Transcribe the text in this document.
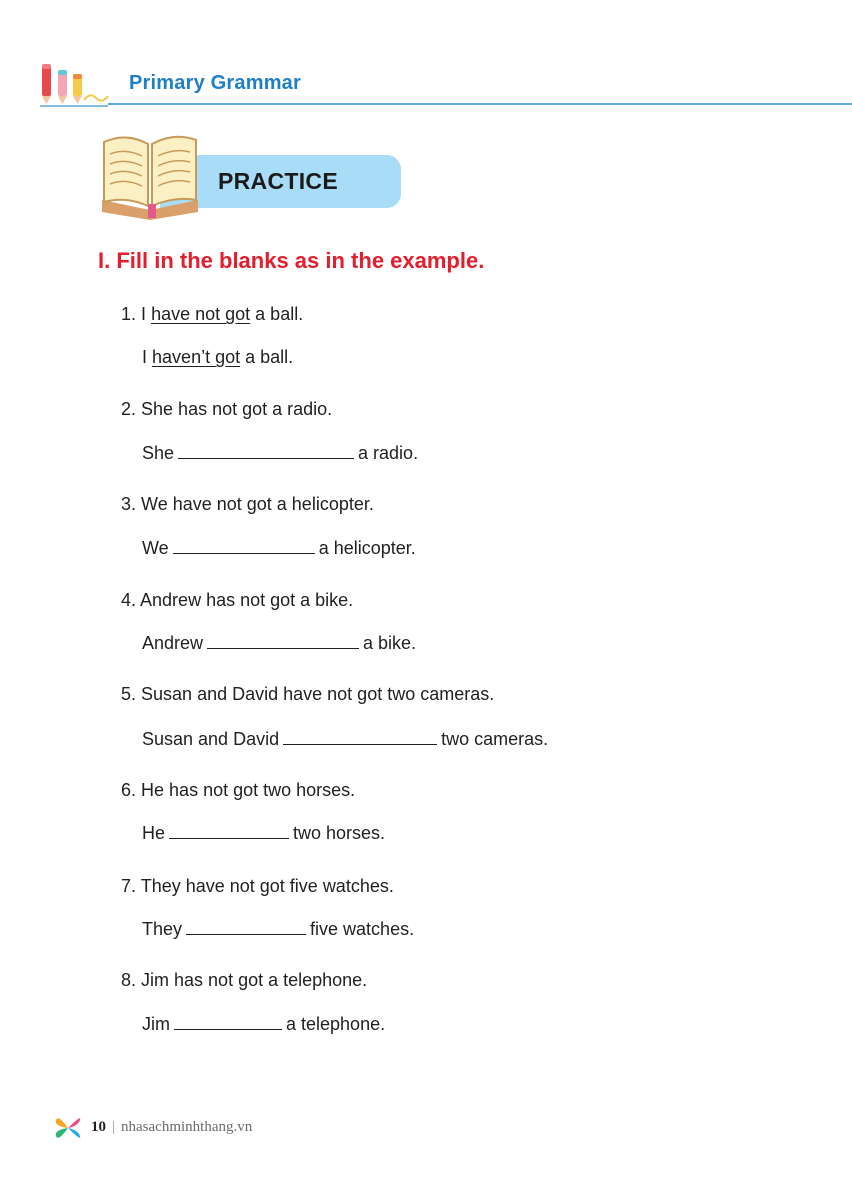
Primary Grammar
PRACTICE
I. Fill in the blanks as in the example.
1. I have not got a ball.
I haven’t got a ball.
2. She has not got a radio.
She	a radio.
3. We have not got a helicopter.
We	a helicopter.
4. Andrew has not got a bike.
Andrew	a bike.
5. Susan and David have not got two cameras.
Susan and David	two cameras.
6. He has not got two horses.
He	two horses.
7. They have not got five watches.
They	five watches.
8. Jim has not got a telephone.
Jim	a telephone.
10 | nhasachminhthang.vn
